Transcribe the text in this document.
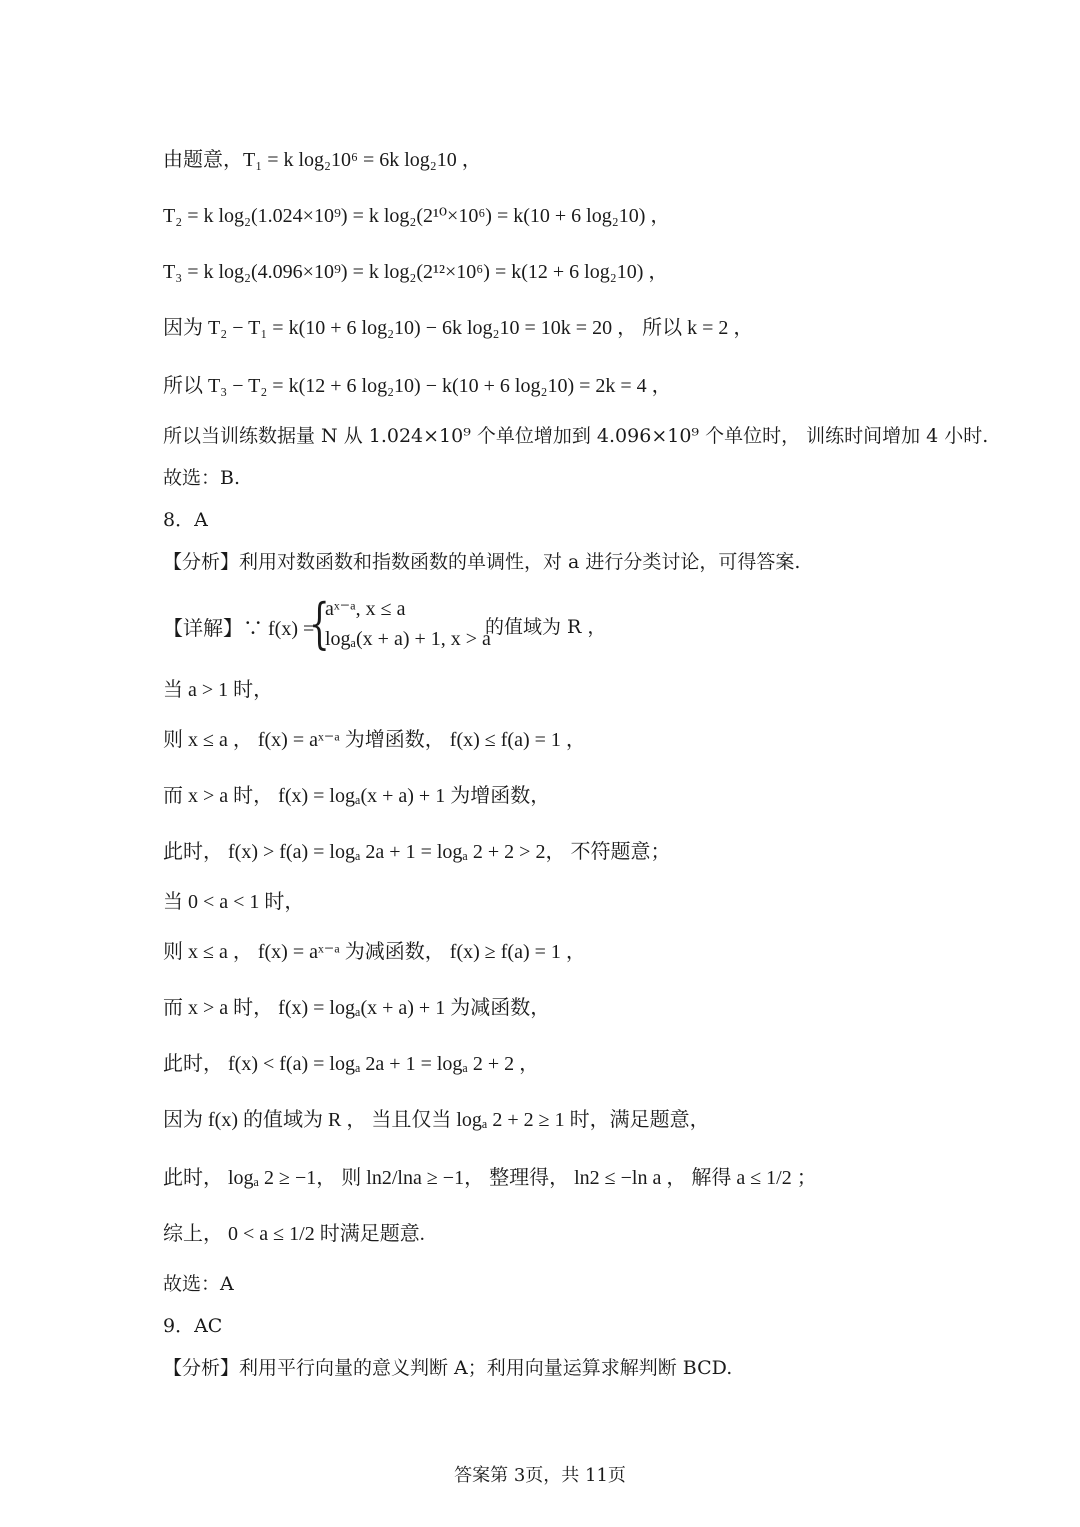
由题意，T₁ = k log₂10⁶ = 6k log₂10 ，
T₂ = k log₂(1.024×10⁹) = k log₂(2¹⁰×10⁶) = k(10 + 6 log₂10) ，
T₃ = k log₂(4.096×10⁹) = k log₂(2¹²×10⁶) = k(12 + 6 log₂10) ，
因为 T₂ − T₁ = k(10 + 6 log₂10) − 6k log₂10 = 10k = 20 ， 所以 k = 2 ，
所以 T₃ − T₂ = k(12 + 6 log₂10) − k(10 + 6 log₂10) = 2k = 4 ，
所以当训练数据量 N 从 1.024×10⁹ 个单位增加到 4.096×10⁹ 个单位时， 训练时间增加 4 小时.
故选：B.
8．A
【分析】利用对数函数和指数函数的单调性，对 a 进行分类讨论，可得答案.
【详解】∵ f(x) =
{
aˣ⁻ᵃ, x ≤ a
logₐ(x + a) + 1, x > a
的值域为 R ，
当 a > 1 时，
则 x ≤ a ， f(x) = aˣ⁻ᵃ 为增函数， f(x) ≤ f(a) = 1 ，
而 x > a 时， f(x) = logₐ(x + a) + 1 为增函数，
此时， f(x) > f(a) = logₐ 2a + 1 = logₐ 2 + 2 > 2， 不符题意；
当 0 < a < 1 时，
则 x ≤ a ， f(x) = aˣ⁻ᵃ 为减函数， f(x) ≥ f(a) = 1 ，
而 x > a 时， f(x) = logₐ(x + a) + 1 为减函数，
此时， f(x) < f(a) = logₐ 2a + 1 = logₐ 2 + 2 ，
因为 f(x) 的值域为 R ， 当且仅当 logₐ 2 + 2 ≥ 1 时，满足题意，
此时， logₐ 2 ≥ −1， 则 ln2/lna ≥ −1， 整理得， ln2 ≤ −ln a ， 解得 a ≤ 1/2 ；
综上， 0 < a ≤ 1/2 时满足题意.
故选：A
9．AC
【分析】利用平行向量的意义判断 A；利用向量运算求解判断 BCD.
答案第 3页，共 11页
